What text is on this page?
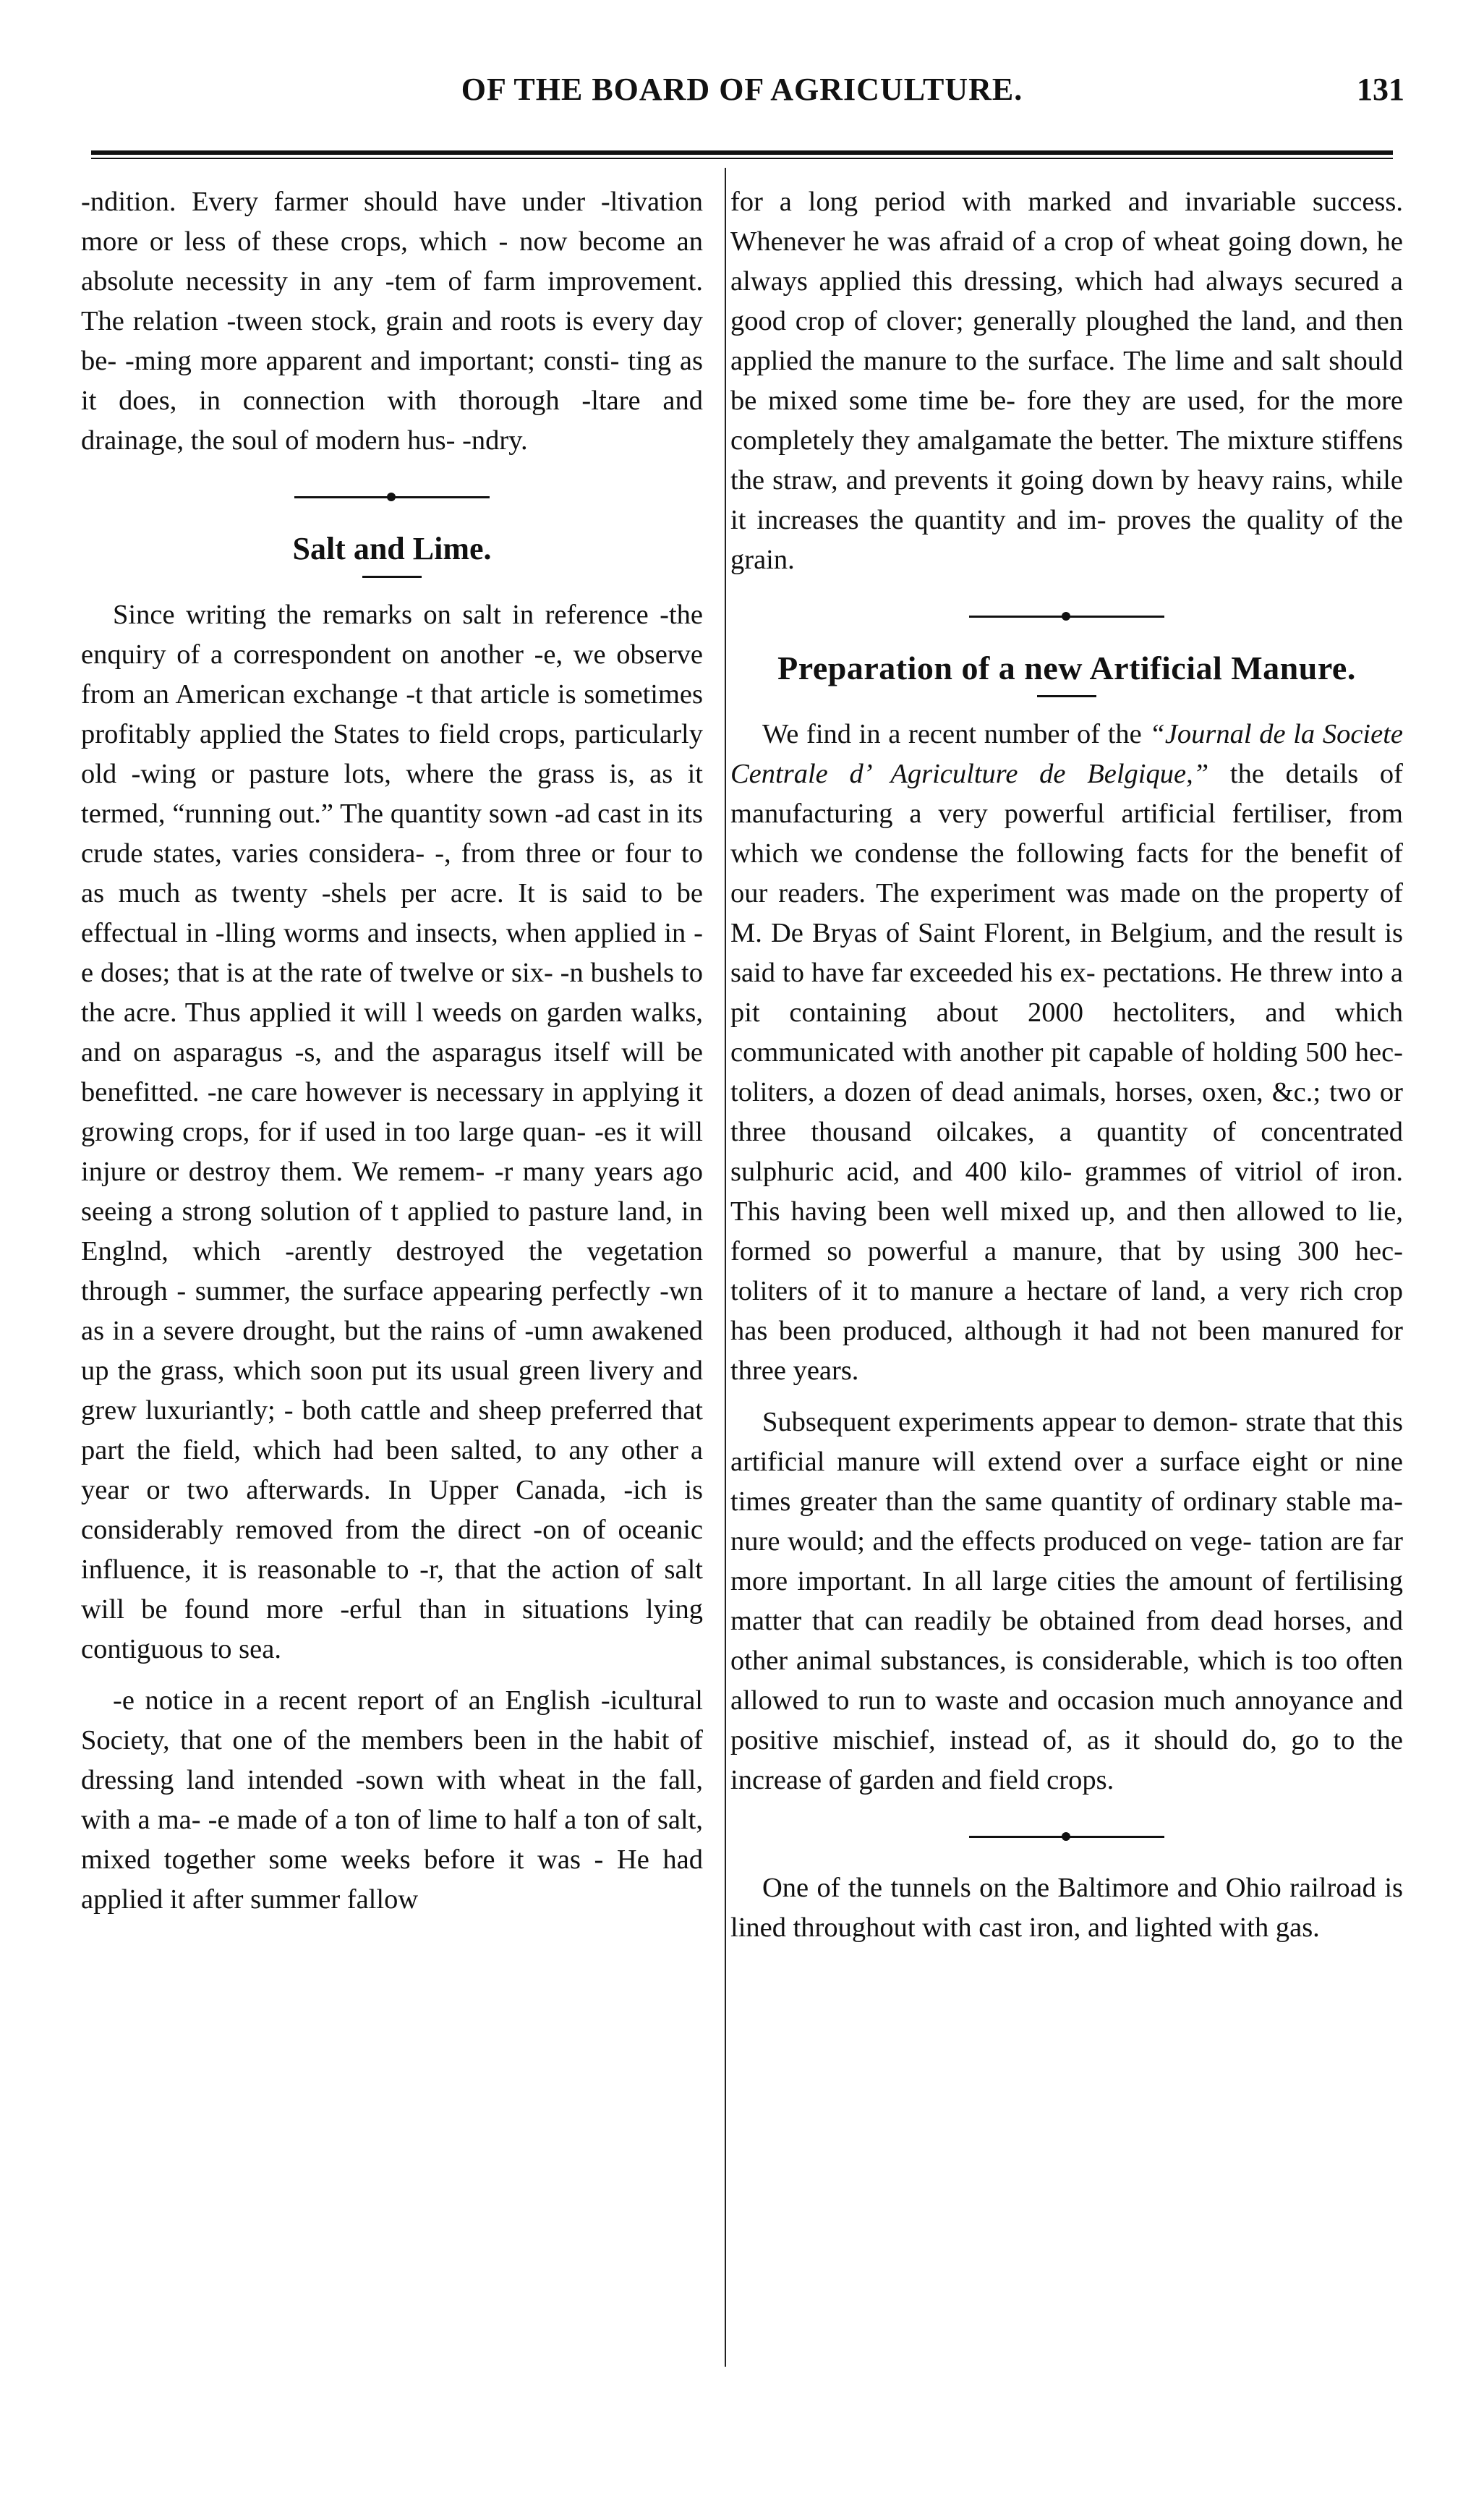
OF THE BOARD OF AGRICULTURE.	131

-ndition. Every farmer should have under -ltivation more or less of these crops, which - now become an absolute necessity in any -tem of farm improvement. The relation -tween stock, grain and roots is every day be- -ming more apparent and important; consti- ting as it does, in connection with thorough -ltare and drainage, the soul of modern hus- -ndry.

Salt and Lime.

Since writing the remarks on salt in reference -the enquiry of a correspondent on another -e, we observe from an American exchange -t that article is sometimes profitably applied the States to field crops, particularly old -wing or pasture lots, where the grass is, as it termed, “running out.” The quantity sown -ad cast in its crude states, varies considera- -, from three or four to as much as twenty -shels per acre. It is said to be effectual in -lling worms and insects, when applied in -e doses; that is at the rate of twelve or six- -n bushels to the acre. Thus applied it will l weeds on garden walks, and on asparagus -s, and the asparagus itself will be benefitted. -ne care however is necessary in applying it growing crops, for if used in too large quan- -es it will injure or destroy them. We remem- -r many years ago seeing a strong solution of t applied to pasture land, in Englnd, which -arently destroyed the vegetation through - summer, the surface appearing perfectly -wn as in a severe drought, but the rains of -umn awakened up the grass, which soon put its usual green livery and grew luxuriantly; - both cattle and sheep preferred that part the field, which had been salted, to any other a year or two afterwards. In Upper Canada, -ich is considerably removed from the direct -on of oceanic influence, it is reasonable to -r, that the action of salt will be found more -erful than in situations lying contiguous to sea.

-e notice in a recent report of an English -icultural Society, that one of the members been in the habit of dressing land intended -sown with wheat in the fall, with a ma- -e made of a ton of lime to half a ton of salt, mixed together some weeks before it was - He had applied it after summer fallow

for a long period with marked and invariable success. Whenever he was afraid of a crop of wheat going down, he always applied this dressing, which had always secured a good crop of clover; generally ploughed the land, and then applied the manure to the surface. The lime and salt should be mixed some time be- fore they are used, for the more completely they amalgamate the better. The mixture stiffens the straw, and prevents it going down by heavy rains, while it increases the quantity and im- proves the quality of the grain.

Preparation of a new Artificial Manure.

We find in a recent number of the “Journal de la Societe Centrale d’ Agriculture de Belgique,” the details of manufacturing a very powerful artificial fertiliser, from which we condense the following facts for the benefit of our readers. The experiment was made on the property of M. De Bryas of Saint Florent, in Belgium, and the result is said to have far exceeded his ex- pectations. He threw into a pit containing about 2000 hectoliters, and which communicated with another pit capable of holding 500 hec- toliters, a dozen of dead animals, horses, oxen, &c.; two or three thousand oilcakes, a quantity of concentrated sulphuric acid, and 400 kilo- grammes of vitriol of iron. This having been well mixed up, and then allowed to lie, formed so powerful a manure, that by using 300 hec- toliters of it to manure a hectare of land, a very rich crop has been produced, although it had not been manured for three years.

Subsequent experiments appear to demon- strate that this artificial manure will extend over a surface eight or nine times greater than the same quantity of ordinary stable ma- nure would; and the effects produced on vege- tation are far more important. In all large cities the amount of fertilising matter that can readily be obtained from dead horses, and other animal substances, is considerable, which is too often allowed to run to waste and occasion much annoyance and positive mischief, instead of, as it should do, go to the increase of garden and field crops.

One of the tunnels on the Baltimore and Ohio railroad is lined throughout with cast iron, and lighted with gas.
